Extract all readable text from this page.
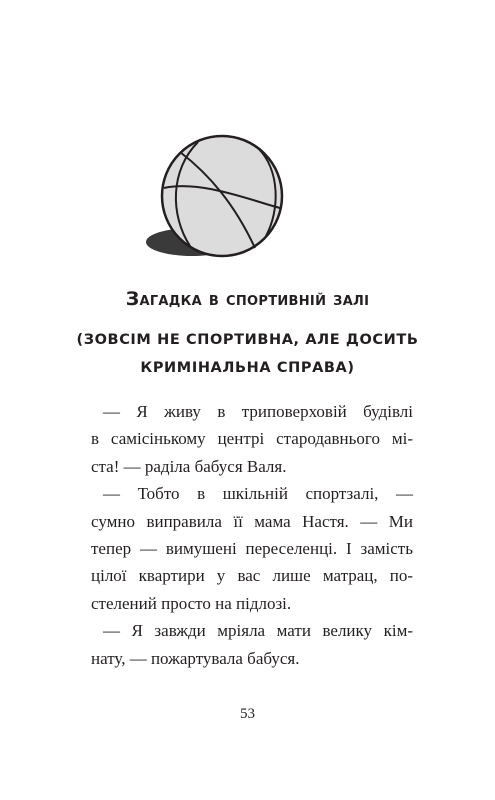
Загадка в спортивній залі
(ЗОВСІМ НЕ СПОРТИВНА, АЛЕ ДОСИТЬ
КРИМІНАЛЬНА СПРАВА)
— Я живу в триповерховій будівлі
в самісінькому центрі стародавнього мі-
ста! — раділа бабуся Валя.
— Тобто в шкільній спортзалі, —
сумно виправила її мама Настя. — Ми
тепер — вимушені переселенці. І замість
цілої квартири у вас лише матрац, по-
стелений просто на підлозі.
— Я завжди мріяла мати велику кім-
нату, — пожартувала бабуся.
53
